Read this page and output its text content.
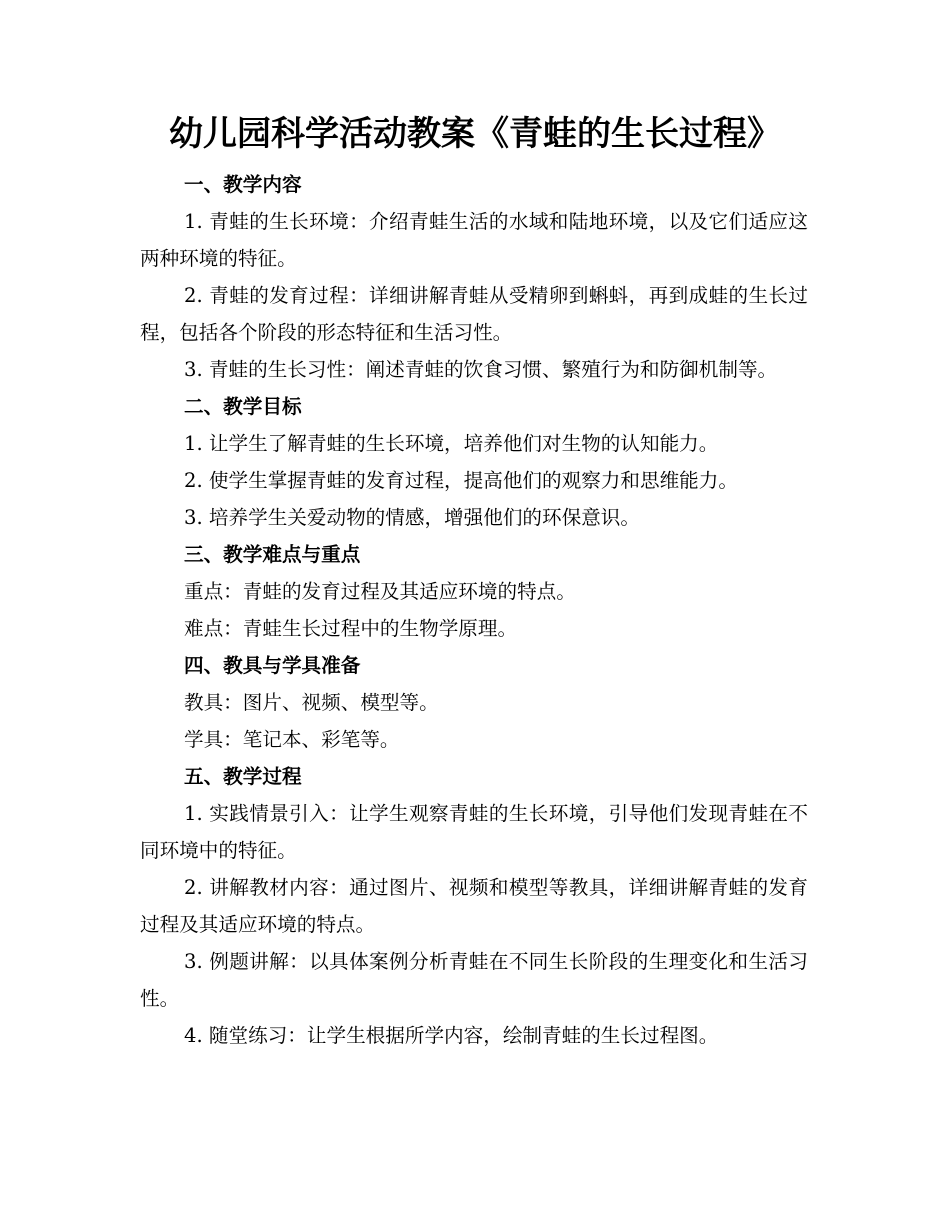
幼儿园科学活动教案《青蛙的生长过程》

一、教学内容

1. 青蛙的生长环境：介绍青蛙生活的水域和陆地环境，以及它们适应这两种环境的特征。

2. 青蛙的发育过程：详细讲解青蛙从受精卵到蝌蚪，再到成蛙的生长过程，包括各个阶段的形态特征和生活习性。

3. 青蛙的生长习性：阐述青蛙的饮食习惯、繁殖行为和防御机制等。

二、教学目标

1. 让学生了解青蛙的生长环境，培养他们对生物的认知能力。

2. 使学生掌握青蛙的发育过程，提高他们的观察力和思维能力。

3. 培养学生关爱动物的情感，增强他们的环保意识。

三、教学难点与重点

重点：青蛙的发育过程及其适应环境的特点。

难点：青蛙生长过程中的生物学原理。

四、教具与学具准备

教具：图片、视频、模型等。

学具：笔记本、彩笔等。

五、教学过程

1. 实践情景引入：让学生观察青蛙的生长环境，引导他们发现青蛙在不同环境中的特征。

2. 讲解教材内容：通过图片、视频和模型等教具，详细讲解青蛙的发育过程及其适应环境的特点。

3. 例题讲解：以具体案例分析青蛙在不同生长阶段的生理变化和生活习性。

4. 随堂练习：让学生根据所学内容，绘制青蛙的生长过程图。
